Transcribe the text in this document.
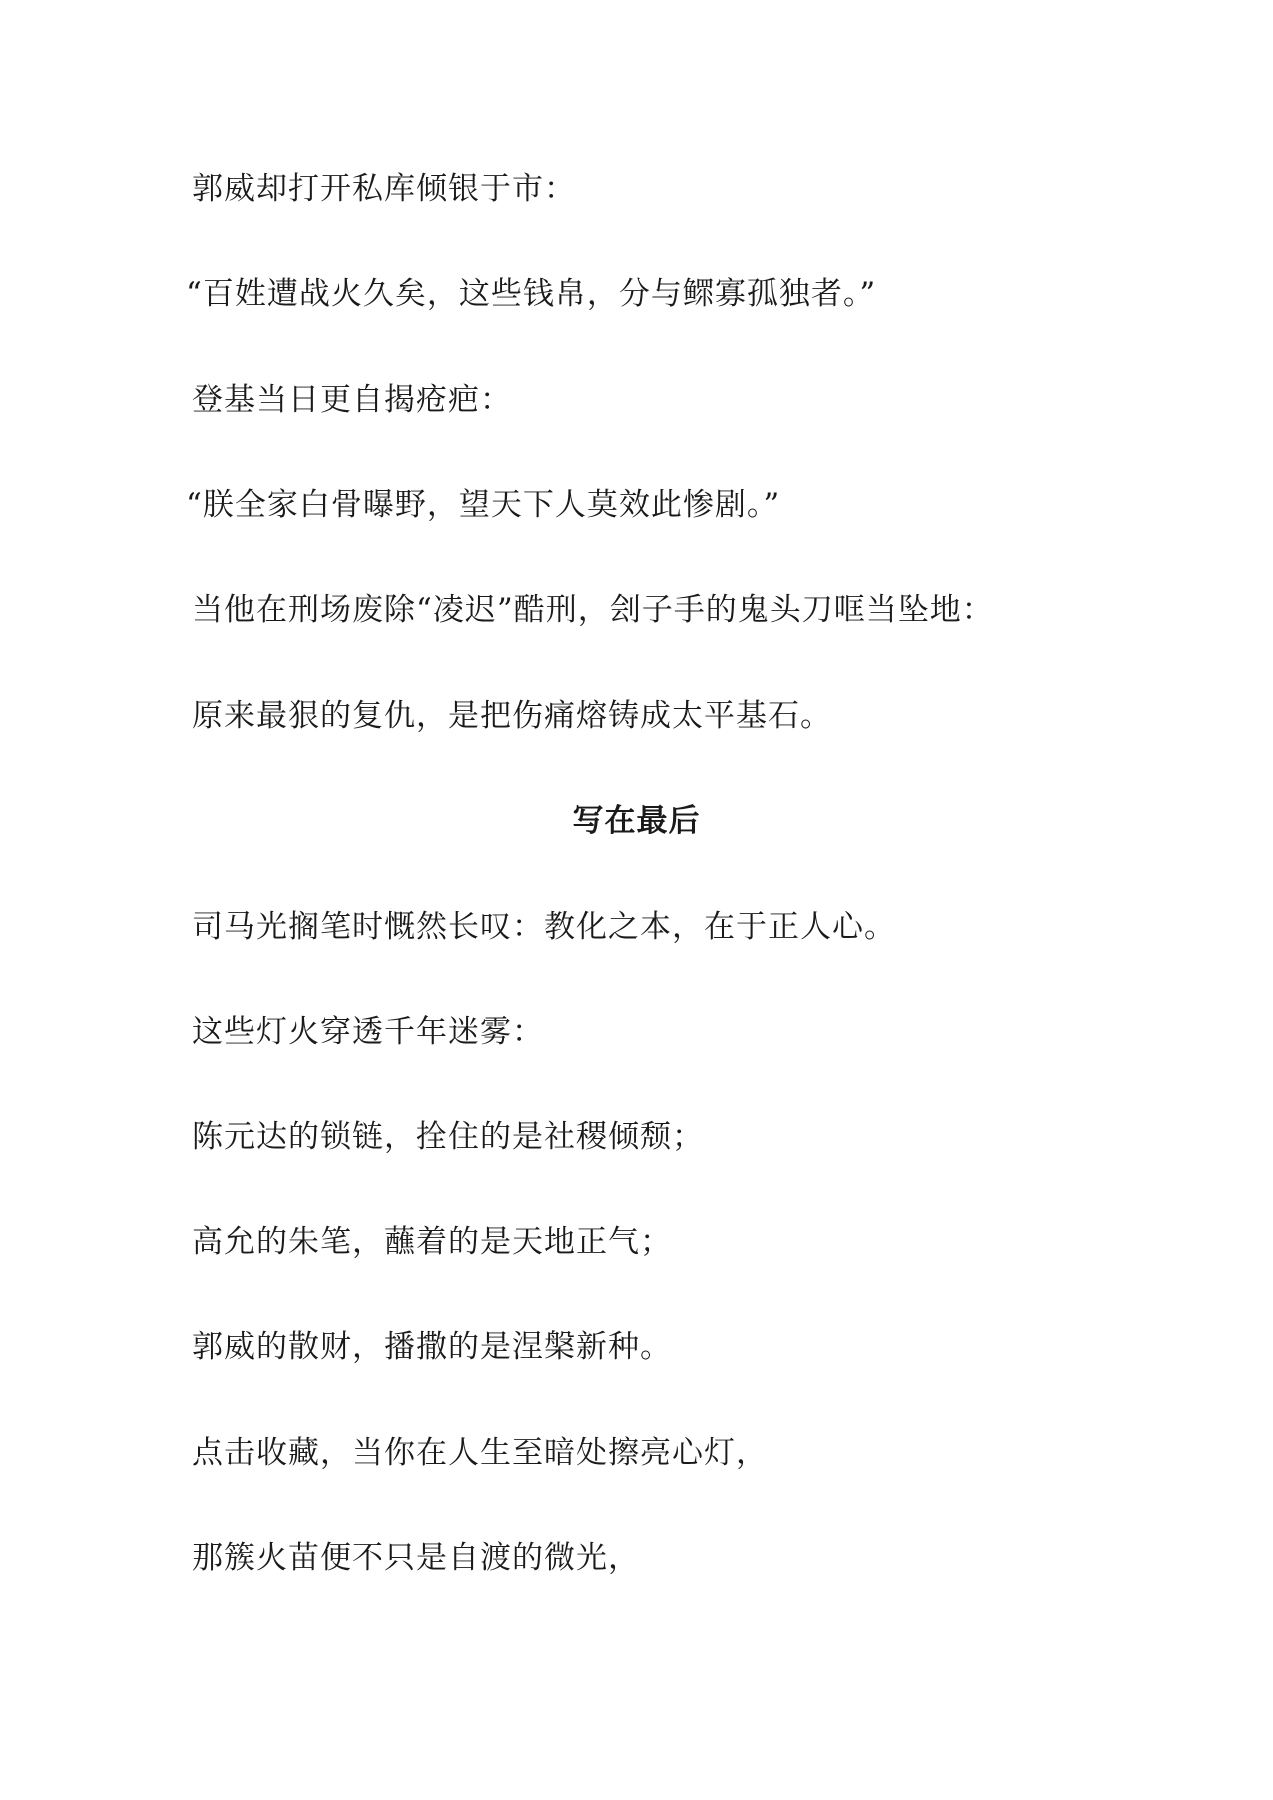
郭威却打开私库倾银于市：
“百姓遭战火久矣，这些钱帛，分与鳏寡孤独者。”
登基当日更自揭疮疤：
“朕全家白骨曝野，望天下人莫效此惨剧。”
当他在刑场废除“凌迟”酷刑，刽子手的鬼头刀哐当坠地：
原来最狠的复仇，是把伤痛熔铸成太平基石。
写在最后
司马光搁笔时慨然长叹：教化之本，在于正人心。
这些灯火穿透千年迷雾：
陈元达的锁链，拴住的是社稷倾颓；
高允的朱笔，蘸着的是天地正气；
郭威的散财，播撒的是涅槃新种。
点击收藏，当你在人生至暗处擦亮心灯，
那簇火苗便不只是自渡的微光，
